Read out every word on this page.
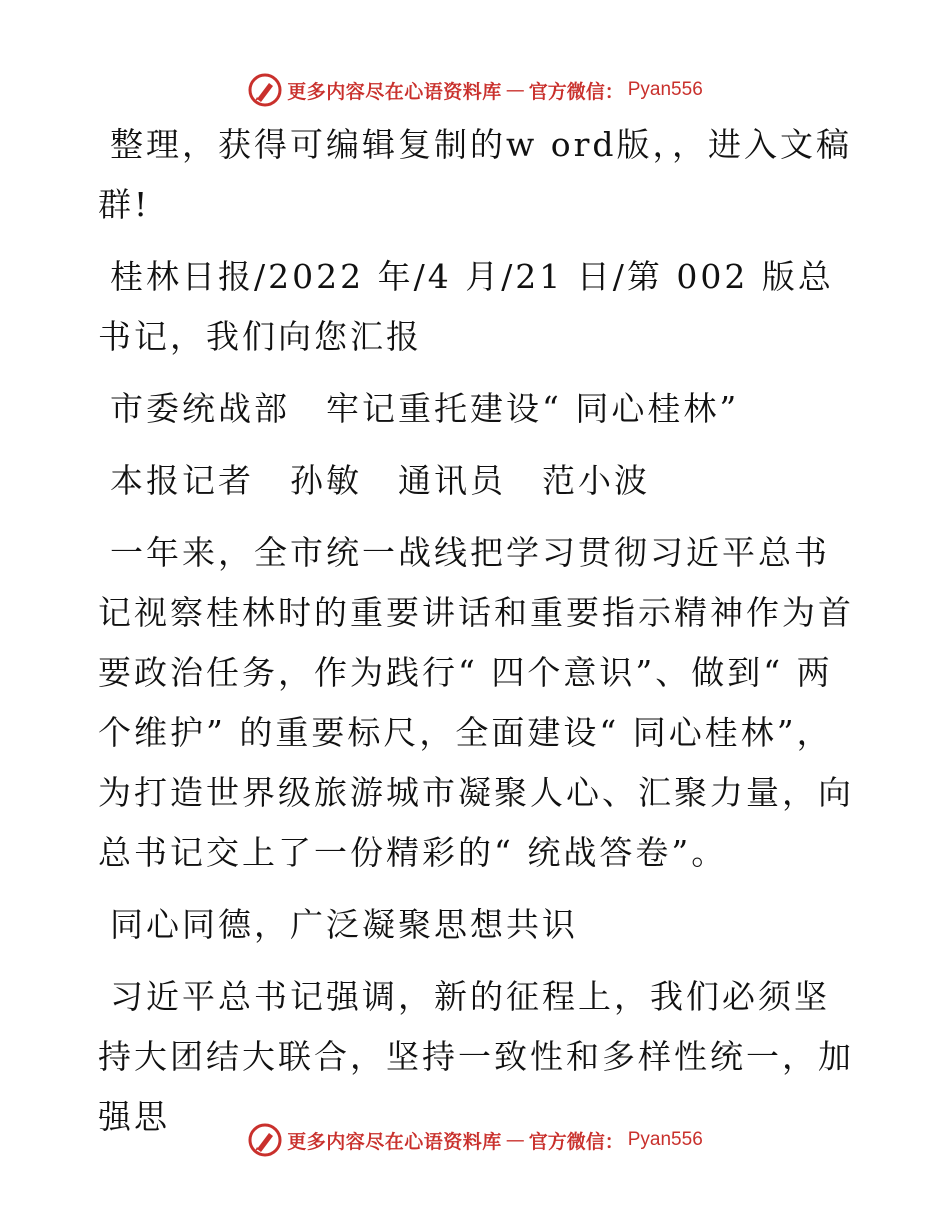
更多内容尽在心语资料库 — 官方微信： Pyan556

整理，获得可编辑复制的w ord版，，进入文稿群!

桂林日报/2022 年/4 月/21 日/第 002 版总书记，我们向您汇报

市委统战部　牢记重托建设“ 同心桂林”

本报记者　孙敏　通讯员　范小波

一年来，全市统一战线把学习贯彻习近平总书记视察桂林时的重要讲话和重要指示精神作为首要政治任务，作为践行“ 四个意识”、做到“ 两个维护” 的重要标尺，全面建设“ 同心桂林”，为打造世界级旅游城市凝聚人心、汇聚力量，向总书记交上了一份精彩的“ 统战答卷”。

同心同德，广泛凝聚思想共识

习近平总书记强调，新的征程上，我们必须坚持大团结大联合，坚持一致性和多样性统一，加强思

更多内容尽在心语资料库 — 官方微信： Pyan556
